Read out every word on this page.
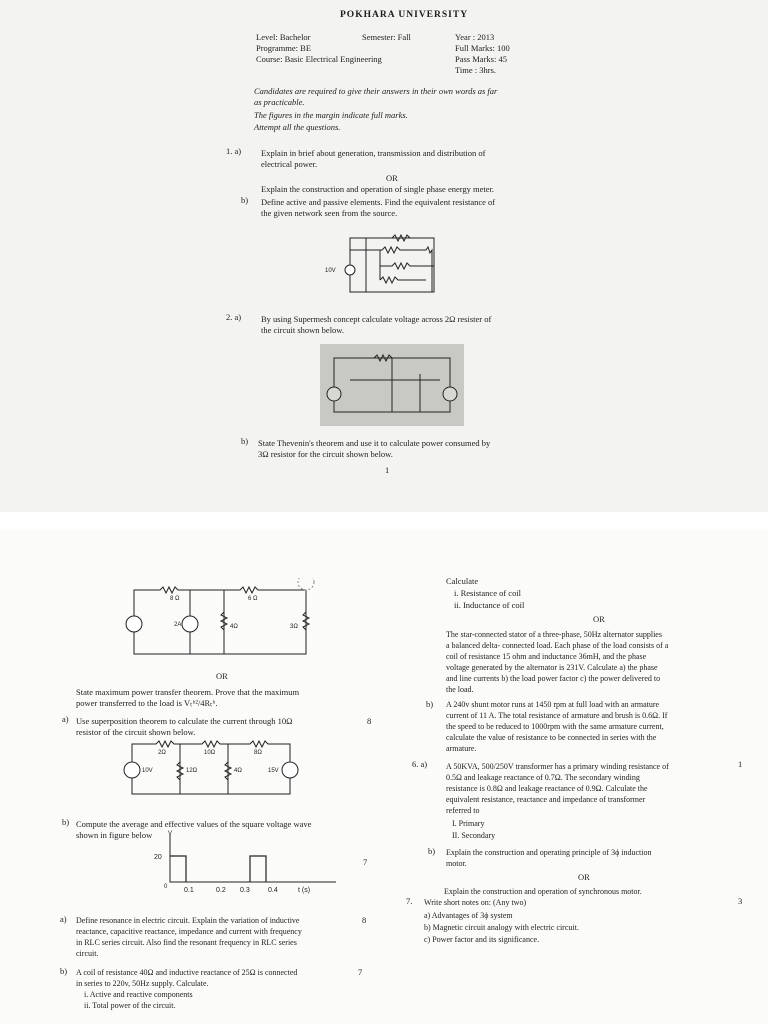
POKHARA UNIVERSITY
Level: Bachelor
Programme: BE
Course: Basic Electrical Engineering
Semester: Fall	Year : 2013
Full Marks: 100
Pass Marks: 45
Time : 3hrs.
Candidates are required to give their answers in their own words as far
as practicable.
The figures in the margin indicate full marks.
Attempt all the questions.
1. a) Explain in brief about generation, transmission and distribution of
electrical power.
OR
Explain the construction and operation of single phase energy meter.
b) Define active and passive elements. Find the equivalent resistance of
the given network seen from the source.
10V
2. a) By using Supermesh concept calculate voltage across 2Ω resister of
the circuit shown below.
b) State Thevenin's theorem and use it to calculate power consumed by
3Ω resistor for the circuit shown below.
1
8 Ω	6 Ω
2A	4Ω	3Ω
OR
State maximum power transfer theorem. Prove that the maximum
power transferred to the load is Vₜʰ²/4Rₜʰ.
a) Use superposition theorem to calculate the current through 10Ω
resistor of the circuit shown below.
8
2Ω	10Ω	8Ω
10V	12Ω	4Ω	15V
b) Compute the average and effective values of the square voltage wave
shown in figure below
7
V
20
0 0.1	0.2 0.3	0.4	t (s)
a) Define resonance in electric circuit. Explain the variation of inductive
reactance, capacitive reactance, impedance and current with frequency
in RLC series circuit. Also find the resonant frequency in RLC series
circuit.
8
b) A coil of resistance 40Ω and inductive reactance of 25Ω is connected
in series to 220v, 50Hz supply. Calculate.
7
i. Active and reactive components
ii. Total power of the circuit.
Calculate
i. Resistance of coil
ii. Inductance of coil
OR
The star-connected stator of a three-phase, 50Hz alternator supplies
a balanced delta- connected load. Each phase of the load consists of a
coil of resistance 15 ohm and inductance 36mH, and the phase
voltage generated by the alternator is 231V. Calculate a) the phase
and line currents b) the load power factor c) the power delivered to
the load.
b) A 240v shunt motor runs at 1450 rpm at full load with an armature
current of 11 A. The total resistance of armature and brush is 0.6Ω. If
the speed to be reduced to 1000rpm with the same armature current,
calculate the value of resistance to be connected in series with the
armature.
6. a) A 50KVA, 500/250V transformer has a primary winding resistance of
0.5Ω and leakage reactance of 0.7Ω. The secondary winding
resistance is 0.8Ω and leakage reactance of 0.9Ω. Calculate the
equivalent resistance, reactance and impedance of transformer
referred to
1
I. Primary
II. Secondary
b) Explain the construction and operating principle of 3ϕ induction
motor.
OR
Explain the construction and operation of synchronous motor.
7. Write short notes on: (Any two)	3
a) Advantages of 3ϕ system
b) Magnetic circuit analogy with electric circuit.
c) Power factor and its significance.
